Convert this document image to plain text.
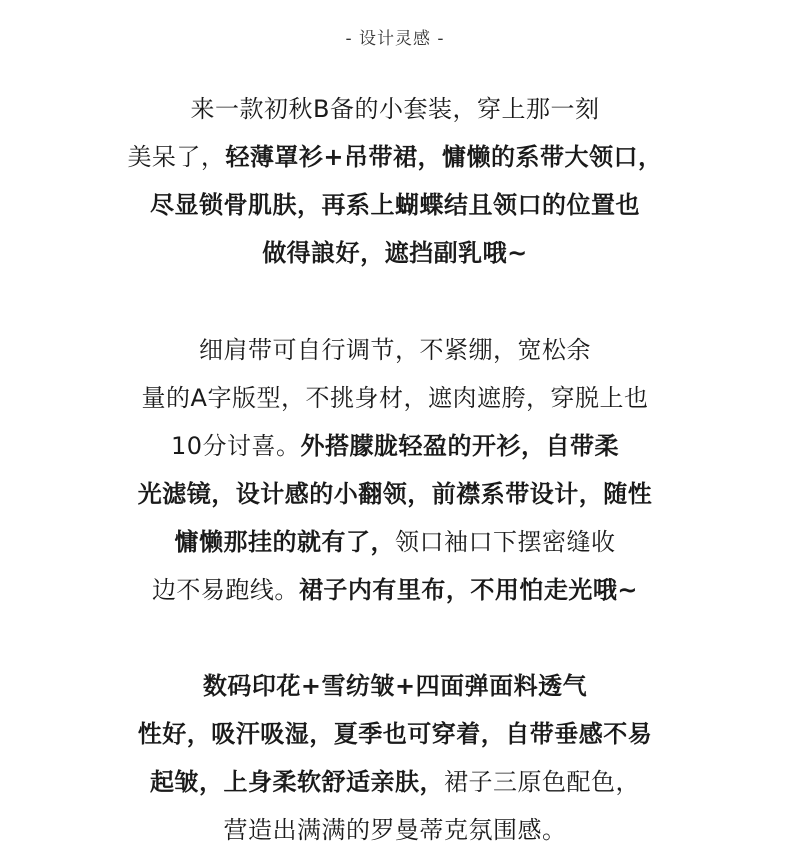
- 设计灵感 -
来一款初秋B备的小套装，穿上那一刻
美呆了，轻薄罩衫+吊带裙，慵懒的系带大领口，
尽显锁骨肌肤，再系上蝴蝶结且领口的位置也
做得誏好，遮挡副乳哦~
细肩带可自行调节，不紧绷，宽松余
量的A字版型，不挑身材，遮肉遮胯，穿脱上也
10分讨喜。外搭朦胧轻盈的开衫，自带柔
光滤镜，设计感的小翻领，前襟系带设计，随性
慵懒那挂的就有了，领口袖口下摆密缝收
边不易跑线。裙子内有里布，不用怕走光哦~
数码印花+雪纺皱+四面弹面料透气
性好，吸汗吸湿，夏季也可穿着，自带垂感不易
起皱，上身柔软舒适亲肤，裙子三原色配色，
营造出满满的罗曼蒂克氛围感。
